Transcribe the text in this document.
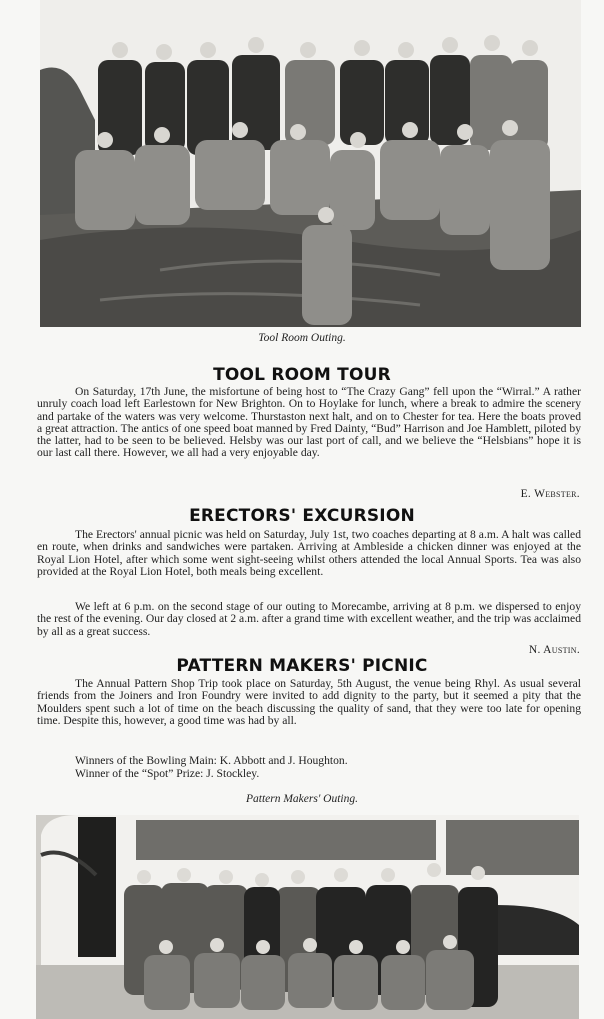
Tool Room Outing.
TOOL ROOM TOUR
On Saturday, 17th June, the misfortune of being host to “The Crazy Gang” fell upon the “Wirral.” A rather unruly coach load left Earlestown for New Brighton. On to Hoylake for lunch, where a break to admire the scenery and partake of the waters was very welcome. Thurstaston next halt, and on to Chester for tea. Here the boats proved a great attraction. The antics of one speed boat manned by Fred Dainty, “Bud” Harrison and Joe Hamblett, piloted by the latter, had to be seen to be believed. Helsby was our last port of call, and we believe the “Helsbians” hope it is our last call there. However, we all had a very enjoyable day.
E. Webster.
ERECTORS' EXCURSION
The Erectors' annual picnic was held on Saturday, July 1st, two coaches departing at 8 a.m. A halt was called en route, when drinks and sandwiches were partaken. Arriving at Ambleside a chicken dinner was enjoyed at the Royal Lion Hotel, after which some went sight-seeing whilst others attended the local Annual Sports. Tea was also provided at the Royal Lion Hotel, both meals being excellent.
We left at 6 p.m. on the second stage of our outing to Morecambe, arriving at 8 p.m. we dispersed to enjoy the rest of the evening. Our day closed at 2 a.m. after a grand time with excellent weather, and the trip was acclaimed by all as a great success.
N. Austin.
PATTERN MAKERS' PICNIC
The Annual Pattern Shop Trip took place on Saturday, 5th August, the venue being Rhyl. As usual several friends from the Joiners and Iron Foundry were invited to add dignity to the party, but it seemed a pity that the Moulders spent such a lot of time on the beach discussing the quality of sand, that they were too late for opening time. Despite this, however, a good time was had by all.
Winners of the Bowling Main: K. Abbott and J. Houghton.
Winner of the “Spot” Prize: J. Stockley.
Pattern Makers' Outing.
